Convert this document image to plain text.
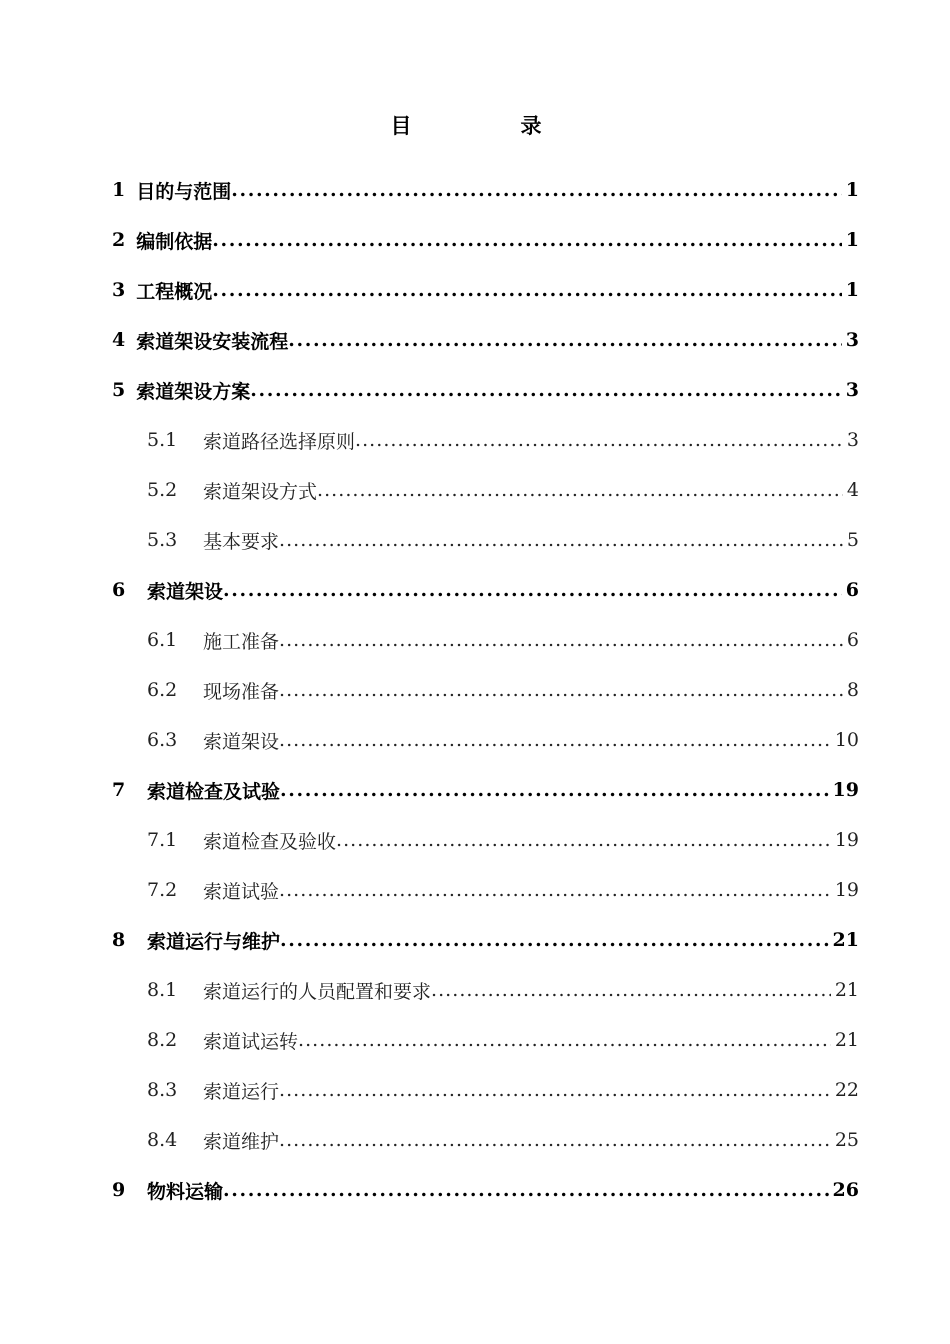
目　录
1 目的与范围 . . .	1
2 编制依据 . . .	1
3 工程概况 . . .	1
4 索道架设安装流程 . . .	3
5 索道架设方案 . . .	3
5.1	索道路径选择原则 . . .	3
5.2	索道架设方式 . . .	4
5.3	基本要求 . . .	5
6	索道架设 . . .	6
6.1	施工准备 . . .	6
6.2	现场准备 . . .	8
6.3	索道架设 . . .	10
7	索道检查及试验 . . .	19
7.1	索道检查及验收 . . .	19
7.2	索道试验 . . .	19
8	索道运行与维护 . . .	21
8.1	索道运行的人员配置和要求 . . .	21
8.2	索道试运转 . . .	21
8.3	索道运行 . . .	22
8.4	索道维护 . . .	25
9	物料运输 . . .	26
